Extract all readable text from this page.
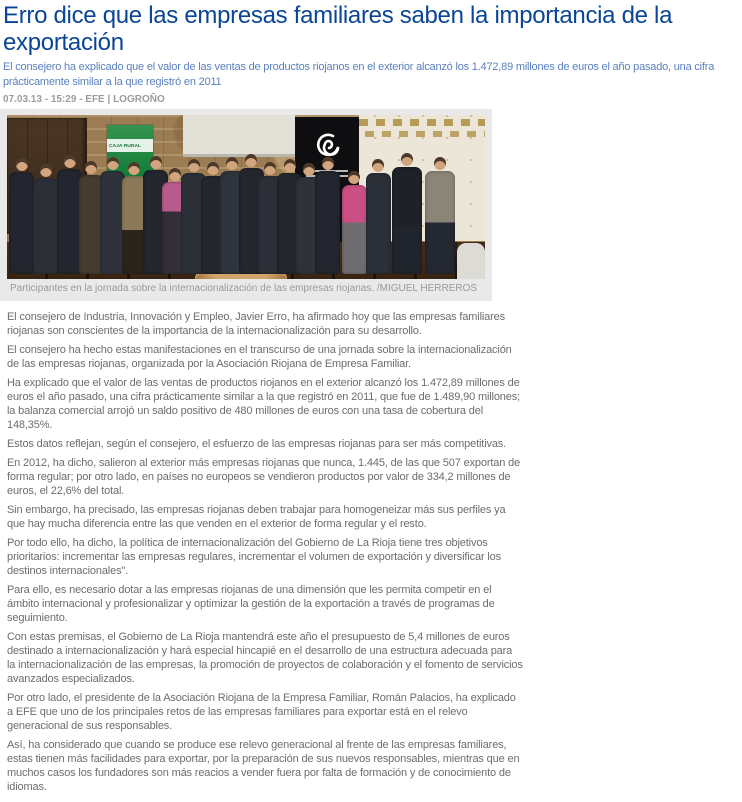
Erro dice que las empresas familiares saben la importancia de la exportación

El consejero ha explicado que el valor de las ventas de productos riojanos en el exterior alcanzó los 1.472,89 millones de euros el año pasado, una cifra prácticamente similar a la que registró en 2011

07.03.13 - 15:29 - EFE | LOGROÑO
CAJA RURAL
Participantes en la jornada sobre la internacionalización de las empresas riojanas. /MIGUEL HERREROS

El consejero de Industria, Innovación y Empleo, Javier Erro, ha afirmado hoy que las empresas familiares riojanas son conscientes de la importancia de la internacionalización para su desarrollo.

El consejero ha hecho estas manifestaciones en el transcurso de una jornada sobre la internacionalización de las empresas riojanas, organizada por la Asociación Riojana de Empresa Familiar.

Ha explicado que el valor de las ventas de productos riojanos en el exterior alcanzó los 1.472,89 millones de euros el año pasado, una cifra prácticamente similar a la que registró en 2011, que fue de 1.489,90 millones; la balanza comercial arrojó un saldo positivo de 480 millones de euros con una tasa de cobertura del 148,35%.

Estos datos reflejan, según el consejero, el esfuerzo de las empresas riojanas para ser más competitivas.

En 2012, ha dicho, salieron al exterior más empresas riojanas que nunca, 1.445, de las que 507 exportan de forma regular; por otro lado, en países no europeos se vendieron productos por valor de 334,2 millones de euros, el 22,6% del total.

Sin embargo, ha precisado, las empresas riojanas deben trabajar para homogeneizar más sus perfiles ya que hay mucha diferencia entre las que venden en el exterior de forma regular y el resto.

Por todo ello, ha dicho, la política de internacionalización del Gobierno de La Rioja tiene tres objetivos prioritarios: incrementar las empresas regulares, incrementar el volumen de exportación y diversificar los destinos internacionales".

Para ello, es necesario dotar a las empresas riojanas de una dimensión que les permita competir en el ámbito internacional y profesionalizar y optimizar la gestión de la exportación a través de programas de seguimiento.

Con estas premisas, el Gobierno de La Rioja mantendrá este año el presupuesto de 5,4 millones de euros destinado a internacionalización y hará especial hincapié en el desarrollo de una estructura adecuada para la internacionalización de las empresas, la promoción de proyectos de colaboración y el fomento de servicios avanzados especializados.

Por otro lado, el presidente de la Asociación Riojana de la Empresa Familiar, Román Palacios, ha explicado a EFE que uno de los principales retos de las empresas familiares para exportar está en el relevo generacional de sus responsables.

Así, ha considerado que cuando se produce ese relevo generacional al frente de las empresas familiares, estas tienen más facilidades para exportar, por la preparación de sus nuevos responsables, mientras que en muchos casos los fundadores son más reacios a vender fuera por falta de formación y de conocimiento de idiomas.
